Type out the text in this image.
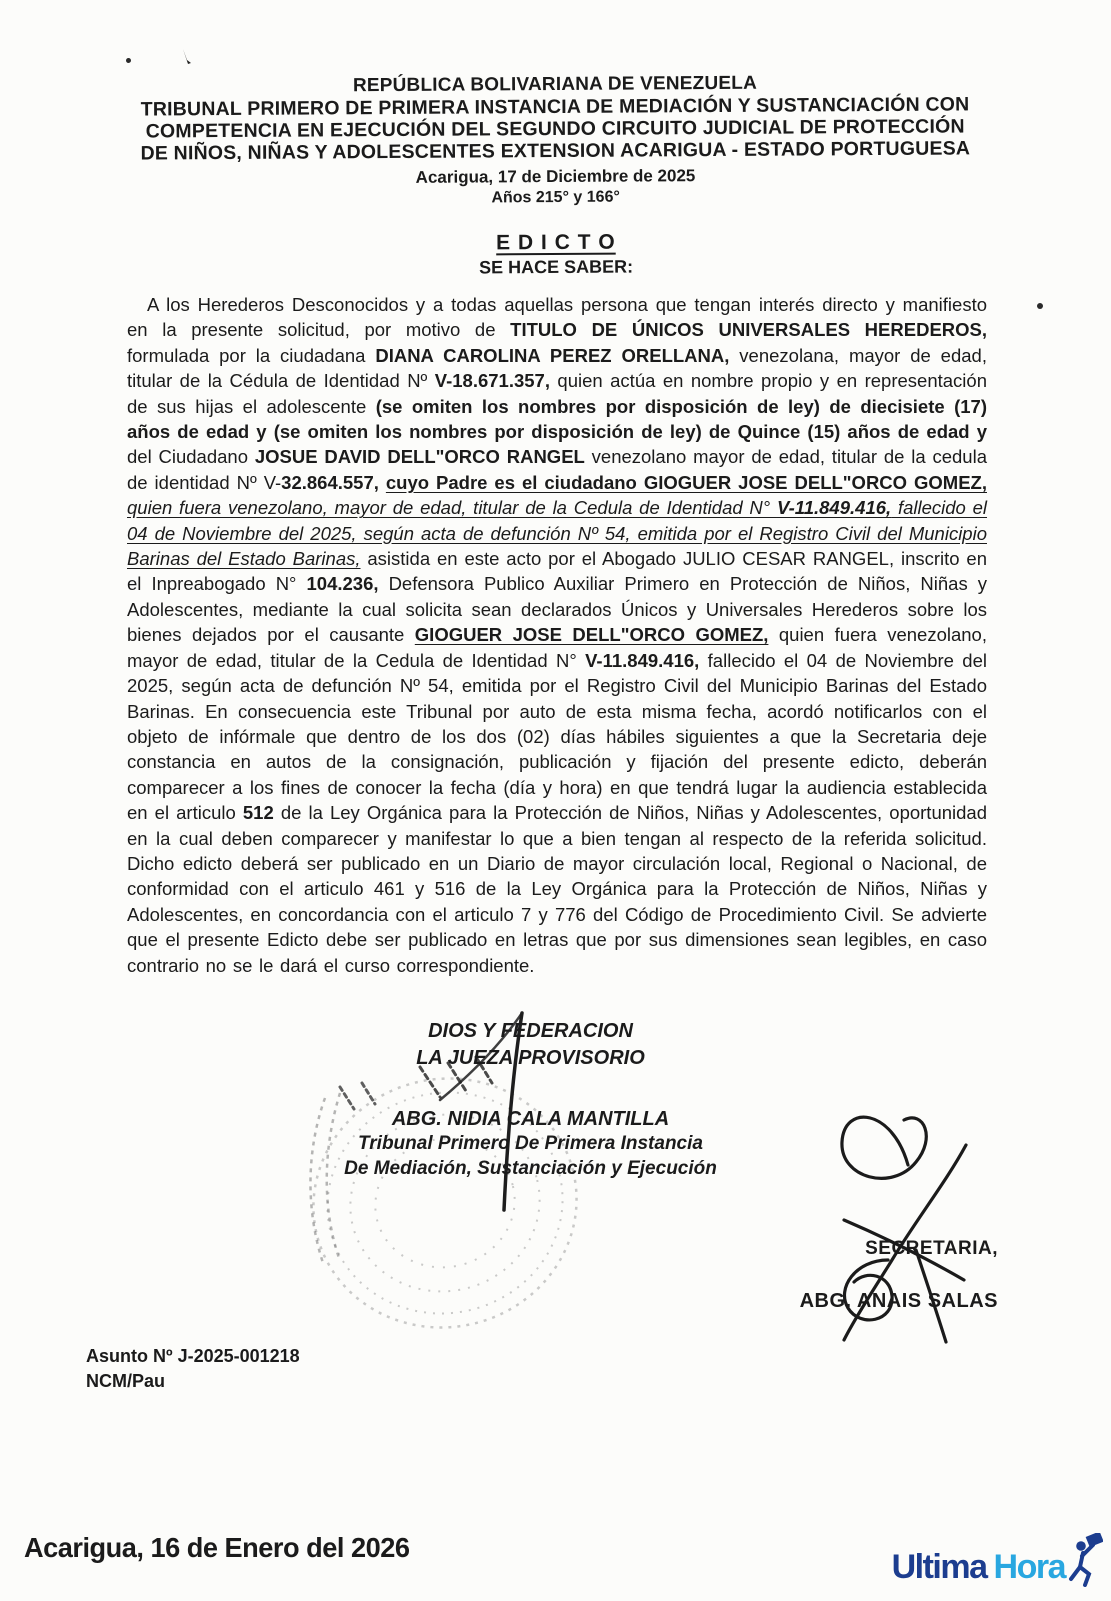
REPÚBLICA BOLIVARIANA DE VENEZUELA
TRIBUNAL PRIMERO DE PRIMERA INSTANCIA DE MEDIACIÓN Y SUSTANCIACIÓN CON
COMPETENCIA EN EJECUCIÓN DEL SEGUNDO CIRCUITO JUDICIAL DE PROTECCIÓN
DE NIÑOS, NIÑAS Y ADOLESCENTES EXTENSION ACARIGUA - ESTADO PORTUGUESA
Acarigua, 17 de Diciembre de 2025
Años 215° y 166°
E D I C T O
SE HACE SABER:
A los Herederos Desconocidos y a todas aquellas persona que tengan interés directo y manifiesto en la presente solicitud, por motivo de TITULO DE ÚNICOS UNIVERSALES HEREDEROS, formulada por la ciudadana DIANA CAROLINA PEREZ ORELLANA, venezolana, mayor de edad, titular de la Cédula de Identidad Nº V-18.671.357, quien actúa en nombre propio y en representación de sus hijas el adolescente (se omiten los nombres por disposición de ley) de diecisiete (17) años de edad y (se omiten los nombres por disposición de ley) de Quince (15) años de edad y del Ciudadano JOSUE DAVID DELL"ORCO RANGEL venezolano mayor de edad, titular de la cedula de identidad Nº V-32.864.557, cuyo Padre es el ciudadano GIOGUER JOSE DELL"ORCO GOMEZ, quien fuera venezolano, mayor de edad, titular de la Cedula de Identidad N° V-11.849.416, fallecido el 04 de Noviembre del 2025, según acta de defunción Nº 54, emitida por el Registro Civil del Municipio Barinas del Estado Barinas, asistida en este acto por el Abogado JULIO CESAR RANGEL, inscrito en el Inpreabogado N° 104.236, Defensora Publico Auxiliar Primero en Protección de Niños, Niñas y Adolescentes, mediante la cual solicita sean declarados Únicos y Universales Herederos sobre los bienes dejados por el causante GIOGUER JOSE DELL"ORCO GOMEZ, quien fuera venezolano, mayor de edad, titular de la Cedula de Identidad N° V-11.849.416, fallecido el 04 de Noviembre del 2025, según acta de defunción Nº 54, emitida por el Registro Civil del Municipio Barinas del Estado Barinas. En consecuencia este Tribunal por auto de esta misma fecha, acordó notificarlos con el objeto de infórmale que dentro de los dos (02) días hábiles siguientes a que la Secretaria deje constancia en autos de la consignación, publicación y fijación del presente edicto, deberán comparecer a los fines de conocer la fecha (día y hora) en que tendrá lugar la audiencia establecida en el articulo 512 de la Ley Orgánica para la Protección de Niños, Niñas y Adolescentes, oportunidad en la cual deben comparecer y manifestar lo que a bien tengan al respecto de la referida solicitud. Dicho edicto deberá ser publicado en un Diario de mayor circulación local, Regional o Nacional, de conformidad con el articulo 461 y 516 de la Ley Orgánica para la Protección de Niños, Niñas y Adolescentes, en concordancia con el articulo 7 y 776 del Código de Procedimiento Civil. Se advierte que el presente Edicto debe ser publicado en letras que por sus dimensiones sean legibles, en caso contrario no se le dará el curso correspondiente.
DIOS Y FEDERACION
LA JUEZA PROVISORIO
ABG. NIDIA CALA MANTILLA
Tribunal Primero De Primera Instancia
De Mediación, Sustanciación y Ejecución
SECRETARIA,
ABG. ANAIS SALAS
Asunto Nº J-2025-001218
NCM/Pau
Acarigua, 16 de Enero del 2026
Ultima Hora
